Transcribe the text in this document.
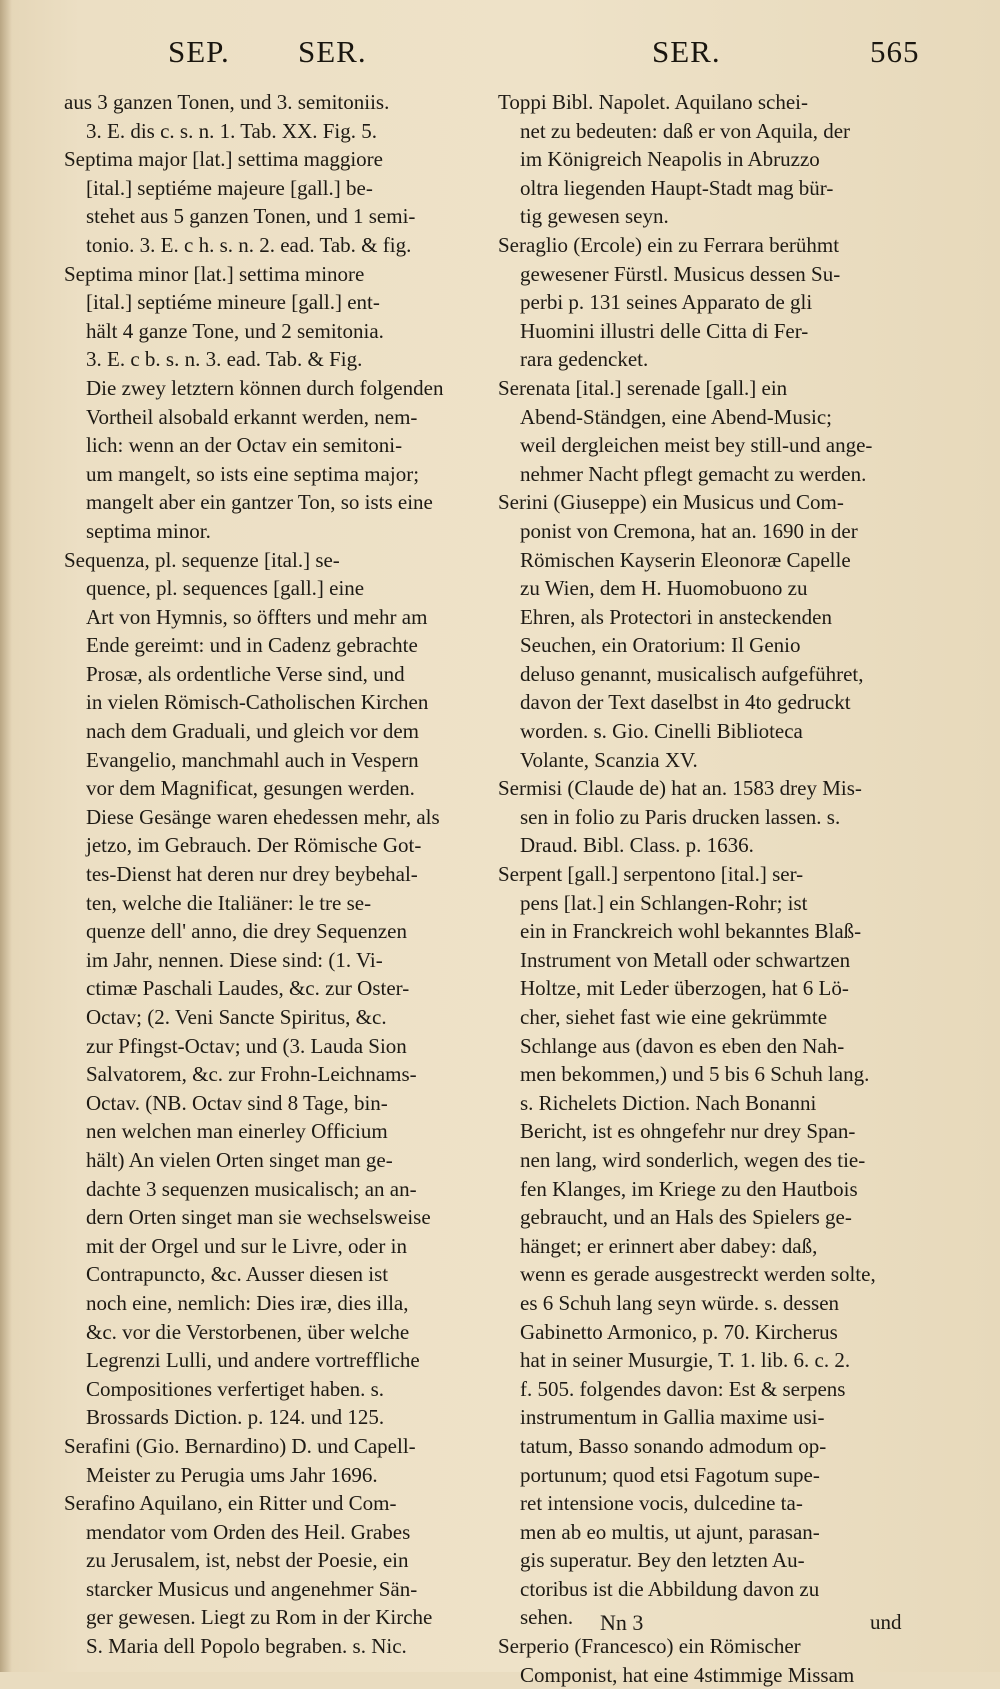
SEP. SER.	SER.	565
aus 3 ganzen Tonen, und 3. semitoniis.
3. E. dis c. s. n. 1. Tab. XX. Fig. 5.
Septima major [lat.] settima maggiore
[ital.] septiéme majeure [gall.] be-
stehet aus 5 ganzen Tonen, und 1 semi-
tonio. 3. E. c h. s. n. 2. ead. Tab. & fig.
Septima minor [lat.] settima minore
[ital.] septiéme mineure [gall.] ent-
hält 4 ganze Tone, und 2 semitonia.
3. E. c b. s. n. 3. ead. Tab. & Fig.
Die zwey letztern können durch folgenden
Vortheil alsobald erkannt werden, nem-
lich: wenn an der Octav ein semitoni-
um mangelt, so ists eine septima major;
mangelt aber ein gantzer Ton, so ists eine
septima minor.
Sequenza, pl. sequenze [ital.] se-
quence, pl. sequences [gall.] eine
Art von Hymnis, so öffters und mehr am
Ende gereimt: und in Cadenz gebrachte
Prosæ, als ordentliche Verse sind, und
in vielen Römisch-Catholischen Kirchen
nach dem Graduali, und gleich vor dem
Evangelio, manchmahl auch in Vespern
vor dem Magnificat, gesungen werden.
Diese Gesänge waren ehedessen mehr, als
jetzo, im Gebrauch. Der Römische Got-
tes-Dienst hat deren nur drey beybehal-
ten, welche die Italiäner: le tre se-
quenze dell' anno, die drey Sequenzen
im Jahr, nennen. Diese sind: (1. Vi-
ctimæ Paschali Laudes, &c. zur Oster-
Octav; (2. Veni Sancte Spiritus, &c.
zur Pfingst-Octav; und (3. Lauda Sion
Salvatorem, &c. zur Frohn-Leichnams-
Octav. (NB. Octav sind 8 Tage, bin-
nen welchen man einerley Officium
hält) An vielen Orten singet man ge-
dachte 3 sequenzen musicalisch; an an-
dern Orten singet man sie wechselsweise
mit der Orgel und sur le Livre, oder in
Contrapuncto, &c. Ausser diesen ist
noch eine, nemlich: Dies iræ, dies illa,
&c. vor die Verstorbenen, über welche
Legrenzi Lulli, und andere vortreffliche
Compositiones verfertiget haben. s.
Brossards Diction. p. 124. und 125.
Serafini (Gio. Bernardino) D. und Capell-
Meister zu Perugia ums Jahr 1696.
Serafino Aquilano, ein Ritter und Com-
mendator vom Orden des Heil. Grabes
zu Jerusalem, ist, nebst der Poesie, ein
starcker Musicus und angenehmer Sän-
ger gewesen. Liegt zu Rom in der Kirche
S. Maria dell Popolo begraben. s. Nic.
Toppi Bibl. Napolet. Aquilano schei-
net zu bedeuten: daß er von Aquila, der
im Königreich Neapolis in Abruzzo
oltra liegenden Haupt-Stadt mag bür-
tig gewesen seyn.
Seraglio (Ercole) ein zu Ferrara berühmt
gewesener Fürstl. Musicus dessen Su-
perbi p. 131 seines Apparato de gli
Huomini illustri delle Citta di Fer-
rara gedencket.
Serenata [ital.] serenade [gall.] ein
Abend-Ständgen, eine Abend-Music;
weil dergleichen meist bey still-und ange-
nehmer Nacht pflegt gemacht zu werden.
Serini (Giuseppe) ein Musicus und Com-
ponist von Cremona, hat an. 1690 in der
Römischen Kayserin Eleonoræ Capelle
zu Wien, dem H. Huomobuono zu
Ehren, als Protectori in ansteckenden
Seuchen, ein Oratorium: Il Genio
deluso genannt, musicalisch aufgeführet,
davon der Text daselbst in 4to gedruckt
worden. s. Gio. Cinelli Biblioteca
Volante, Scanzia XV.
Sermisi (Claude de) hat an. 1583 drey Mis-
sen in folio zu Paris drucken lassen. s.
Draud. Bibl. Class. p. 1636.
Serpent [gall.] serpentono [ital.] ser-
pens [lat.] ein Schlangen-Rohr; ist
ein in Franckreich wohl bekanntes Blaß-
Instrument von Metall oder schwartzen
Holtze, mit Leder überzogen, hat 6 Lö-
cher, siehet fast wie eine gekrümmte
Schlange aus (davon es eben den Nah-
men bekommen,) und 5 bis 6 Schuh lang.
s. Richelets Diction. Nach Bonanni
Bericht, ist es ohngefehr nur drey Span-
nen lang, wird sonderlich, wegen des tie-
fen Klanges, im Kriege zu den Hautbois
gebraucht, und an Hals des Spielers ge-
hänget; er erinnert aber dabey: daß,
wenn es gerade ausgestreckt werden solte,
es 6 Schuh lang seyn würde. s. dessen
Gabinetto Armonico, p. 70. Kircherus
hat in seiner Musurgie, T. 1. lib. 6. c. 2.
f. 505. folgendes davon: Est & serpens
instrumentum in Gallia maxime usi-
tatum, Basso sonando admodum op-
portunum; quod etsi Fagotum supe-
ret intensione vocis, dulcedine ta-
men ab eo multis, ut ajunt, parasan-
gis superatur. Bey den letzten Au-
ctoribus ist die Abbildung davon zu
sehen.
Serperio (Francesco) ein Römischer
Componist, hat eine 4stimmige Missam
Nn 3	und
